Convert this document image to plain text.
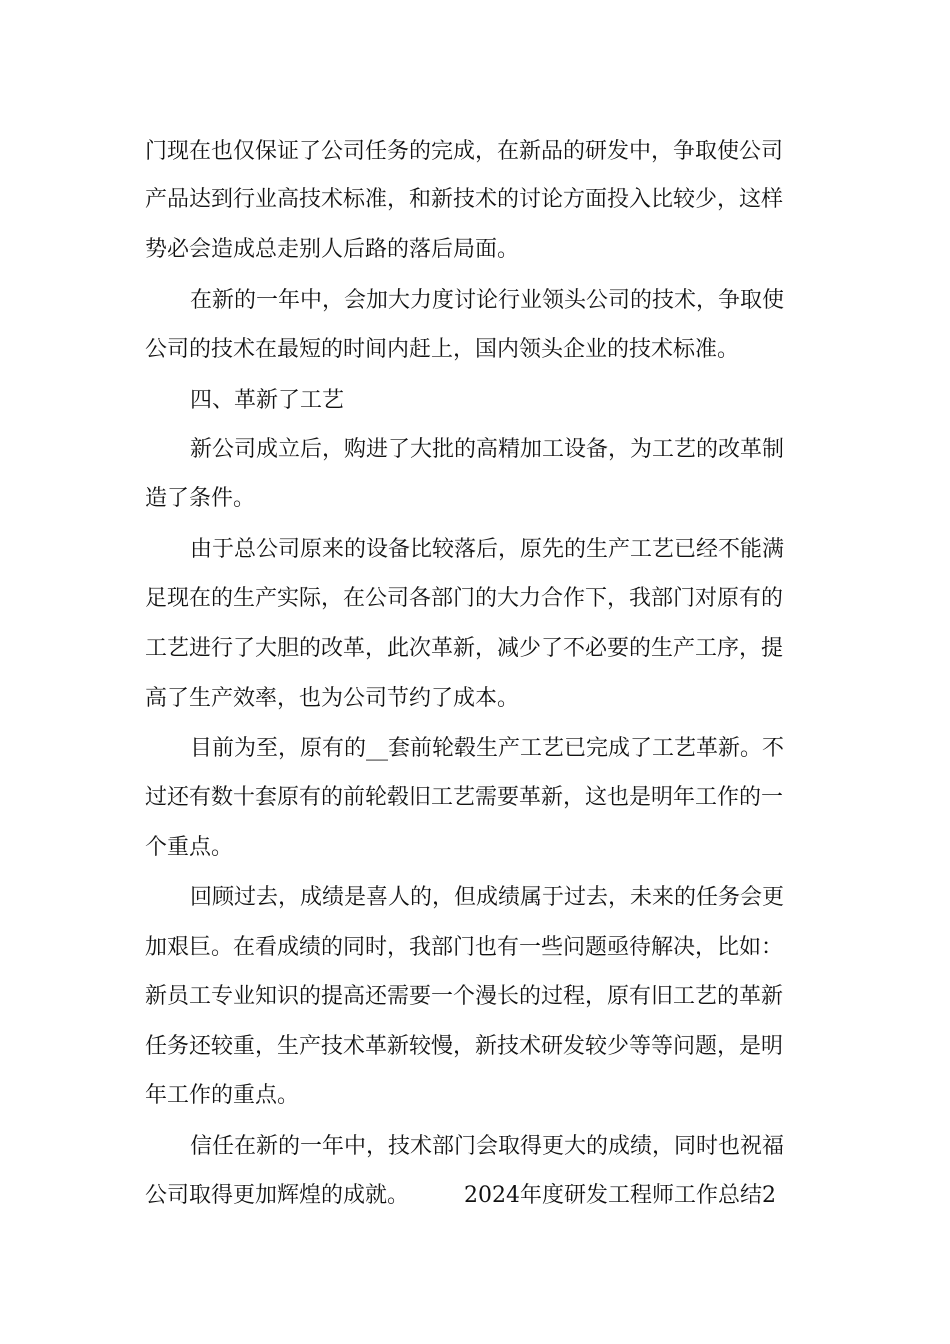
门现在也仅保证了公司任务的完成，在新品的研发中，争取使公司
产品达到行业高技术标准，和新技术的讨论方面投入比较少，这样
势必会造成总走别人后路的落后局面。
在新的一年中，会加大力度讨论行业领头公司的技术，争取使
公司的技术在最短的时间内赶上，国内领头企业的技术标准。
四、革新了工艺
新公司成立后，购进了大批的高精加工设备，为工艺的改革制
造了条件。
由于总公司原来的设备比较落后，原先的生产工艺已经不能满
足现在的生产实际，在公司各部门的大力合作下，我部门对原有的
工艺进行了大胆的改革，此次革新，减少了不必要的生产工序，提
高了生产效率，也为公司节约了成本。
目前为至，原有的__套前轮毂生产工艺已完成了工艺革新。不
过还有数十套原有的前轮毂旧工艺需要革新，这也是明年工作的一
个重点。
回顾过去，成绩是喜人的，但成绩属于过去，未来的任务会更
加艰巨。在看成绩的同时，我部门也有一些问题亟待解决，比如：
新员工专业知识的提高还需要一个漫长的过程，原有旧工艺的革新
任务还较重，生产技术革新较慢，新技术研发较少等等问题，是明
年工作的重点。
信任在新的一年中，技术部门会取得更大的成绩，同时也祝福
公司取得更加辉煌的成就。　　　2024年度研发工程师工作总结2
